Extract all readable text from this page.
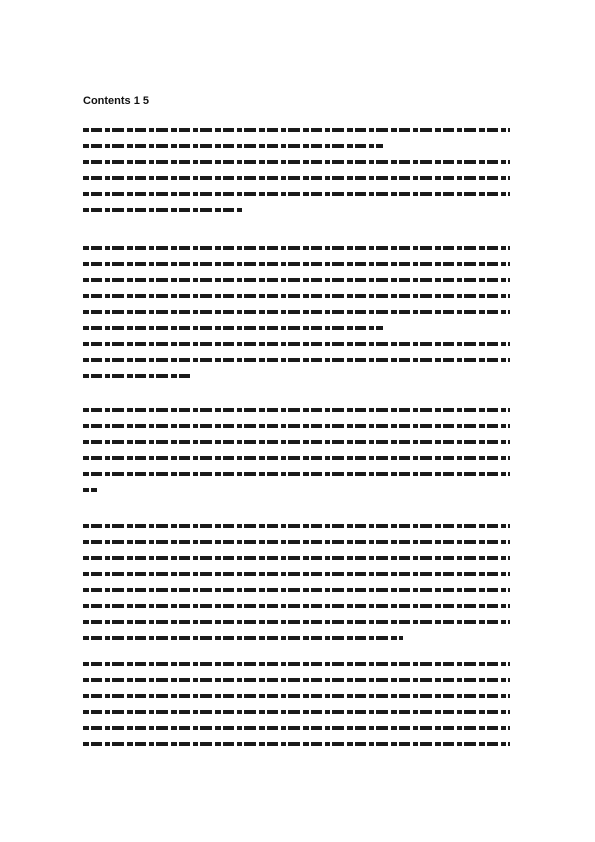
Contents 1 5
